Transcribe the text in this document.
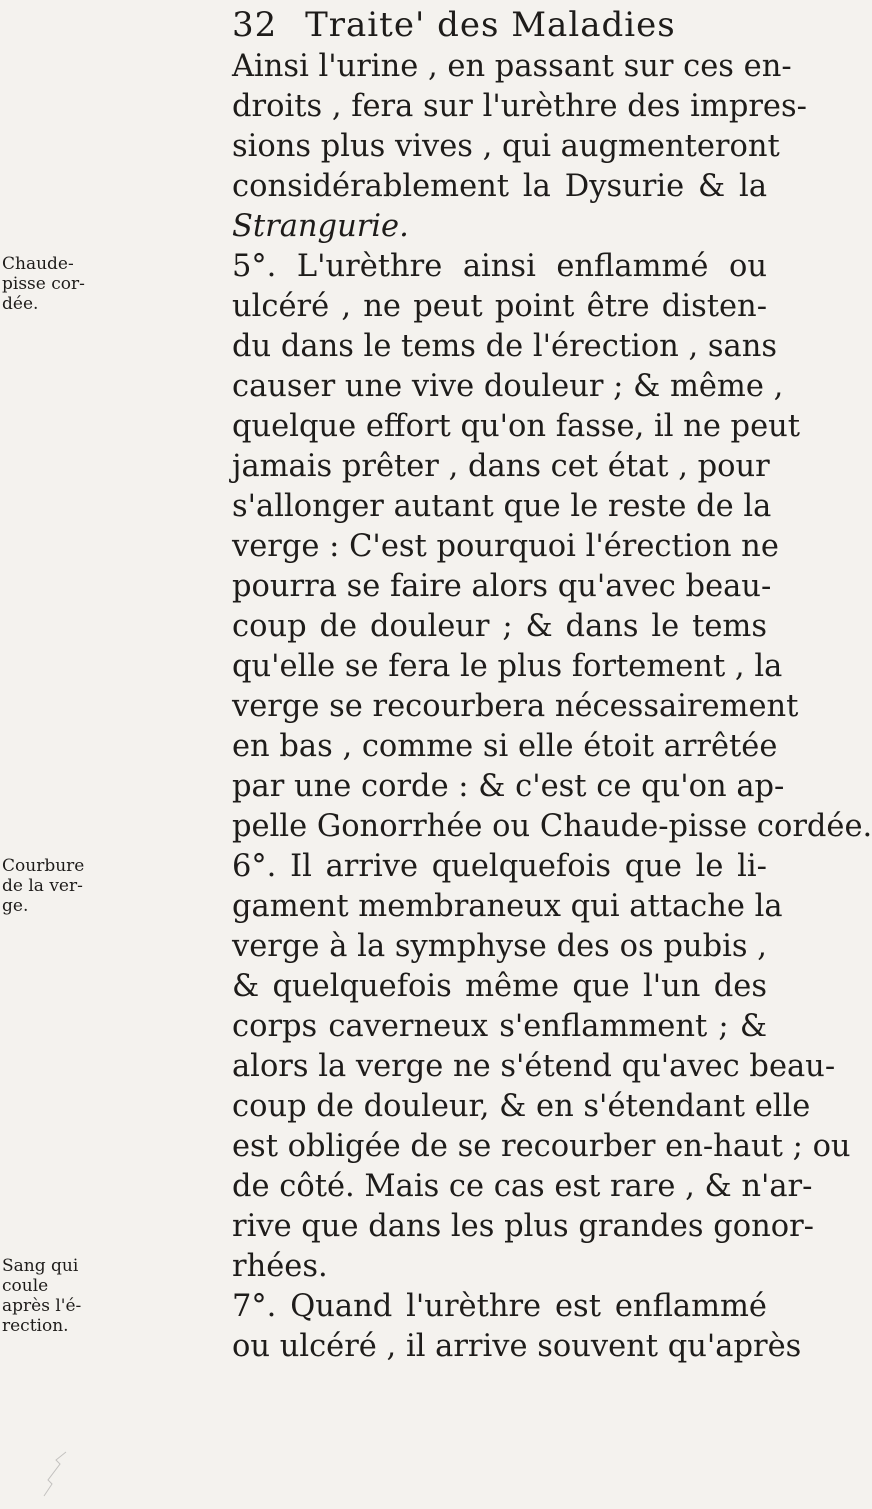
32 Traite' des Maladies
Ainsi l'urine , en passant sur ces en-
droits , fera sur l'urèthre des impres-
sions plus vives , qui augmenteront
considérablement la Dysurie & la
Strangurie.
5°. L'urèthre ainsi enflammé ou
ulcéré , ne peut point être disten-
du dans le tems de l'érection , sans
causer une vive douleur ; & même ,
quelque effort qu'on fasse, il ne peut
jamais prêter , dans cet état , pour
s'allonger autant que le reste de la
verge : C'est pourquoi l'érection ne
pourra se faire alors qu'avec beau-
coup de douleur ; & dans le tems
qu'elle se fera le plus fortement , la
verge se recourbera nécessairement
en bas , comme si elle étoit arrêtée
par une corde : & c'est ce qu'on ap-
pelle Gonorrhée ou Chaude-pisse cordée.
6°. Il arrive quelquefois que le li-
gament membraneux qui attache la
verge à la symphyse des os pubis ,
& quelquefois même que l'un des
corps caverneux s'enflamment ; &
alors la verge ne s'étend qu'avec beau-
coup de douleur, & en s'étendant elle
est obligée de se recourber en-haut ; ou
de côté. Mais ce cas est rare , & n'ar-
rive que dans les plus grandes gonor-
rhées.
7°. Quand l'urèthre est enflammé
ou ulcéré , il arrive souvent qu'après
Chaude-
pisse cor-
dée.
Courbure
de la ver-
ge.
Sang qui
coule
après l'é-
rection.
